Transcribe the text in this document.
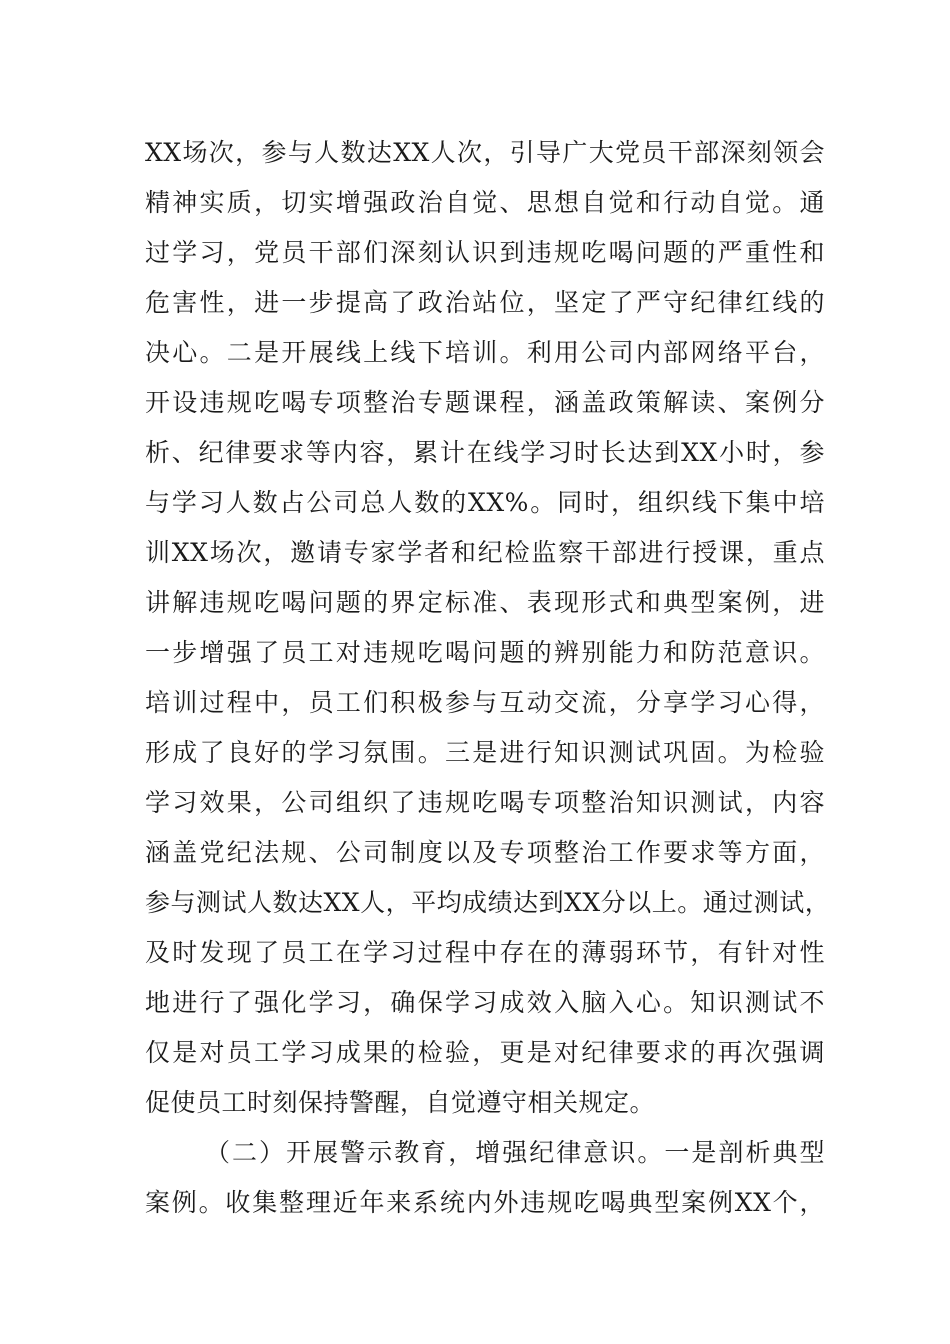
XX场次，参与人数达XX人次，引导广大党员干部深刻领会
精神实质，切实增强政治自觉、思想自觉和行动自觉。通
过学习，党员干部们深刻认识到违规吃喝问题的严重性和
危害性，进一步提高了政治站位，坚定了严守纪律红线的
决心。二是开展线上线下培训。利用公司内部网络平台，
开设违规吃喝专项整治专题课程，涵盖政策解读、案例分
析、纪律要求等内容，累计在线学习时长达到XX小时，参
与学习人数占公司总人数的XX%。同时，组织线下集中培
训XX场次，邀请专家学者和纪检监察干部进行授课，重点
讲解违规吃喝问题的界定标准、表现形式和典型案例，进
一步增强了员工对违规吃喝问题的辨别能力和防范意识。
培训过程中，员工们积极参与互动交流，分享学习心得，
形成了良好的学习氛围。三是进行知识测试巩固。为检验
学习效果，公司组织了违规吃喝专项整治知识测试，内容
涵盖党纪法规、公司制度以及专项整治工作要求等方面，
参与测试人数达XX人，平均成绩达到XX分以上。通过测试，
及时发现了员工在学习过程中存在的薄弱环节，有针对性
地进行了强化学习，确保学习成效入脑入心。知识测试不
仅是对员工学习成果的检验，更是对纪律要求的再次强调
促使员工时刻保持警醒，自觉遵守相关规定。
（二）开展警示教育，增强纪律意识。一是剖析典型
案例。收集整理近年来系统内外违规吃喝典型案例XX个，
